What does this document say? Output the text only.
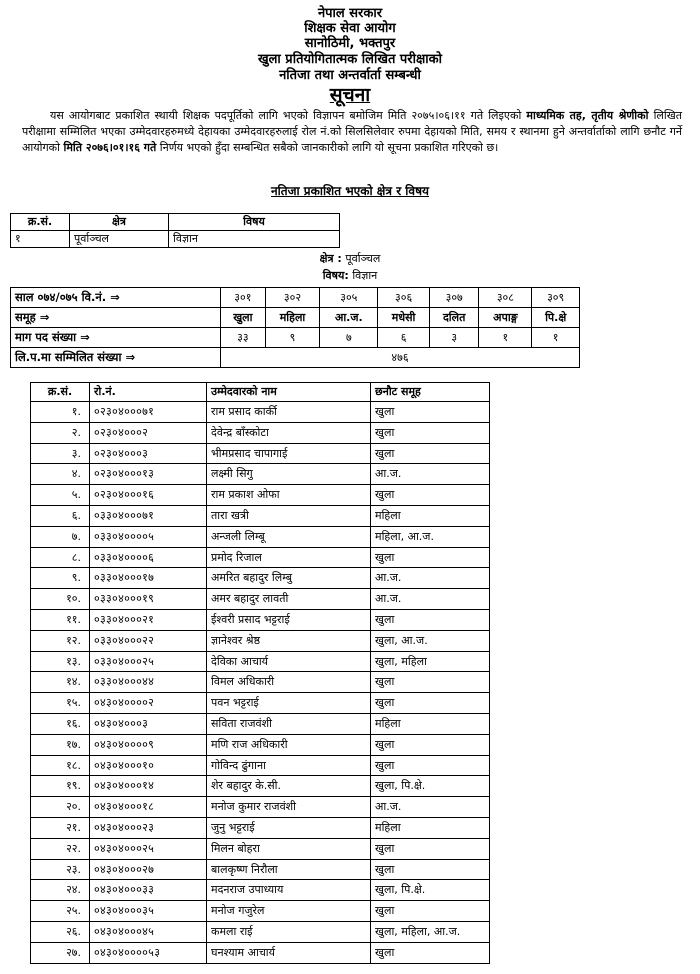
नेपाल सरकार
शिक्षक सेवा आयोग
सानोठिमी, भक्तपुर
खुला प्रतियोगितात्मक लिखित परीक्षाको
नतिजा तथा अन्तर्वार्ता सम्बन्धी
सूचना
यस आयोगबाट प्रकाशित स्थायी शिक्षक पदपूर्तिको लागि भएको विज्ञापन बमोजिम मिति २०७५।०६।११ गते लिइएको माध्यमिक तह, तृतीय श्रेणीको लिखित परीक्षामा सम्मिलित भएका उम्मेदवारहरुमध्ये देहायका उम्मेदवारहरुलाई रोल नं.को सिलसिलेवार रुपमा देहायको मिति, समय र स्थानमा हुने अन्तर्वार्ताको लागि छनौट गर्ने आयोगको मिति २०७६।०१।१६ गते निर्णय भएको हुँदा सम्बन्धित सबैको जानकारीको लागि यो सूचना प्रकाशित गरिएको छ।
नतिजा प्रकाशित भएको क्षेत्र र विषय
क्र.सं.	क्षेत्र	विषय
१	पूर्वाञ्चल	विज्ञान
क्षेत्र : पूर्वाञ्चल
विषय: विज्ञान
साल ०७४/०७५ वि.नं. ⇒	३०१	३०२	३०५	३०६	३०७	३०८	३०९
समूह ⇒	खुला	महिला	आ.ज.	मधेसी	दलित	अपाङ्ग	पि.क्षे
माग पद संख्या ⇒	३३	९	७	६	३	१	१
लि.प.मा सम्मिलित संख्या ⇒	४७६						
क्र.सं.	रो.नं.	उम्मेदवारको नाम	छनौट समूह
१.	०२३०४०००७१	राम प्रसाद कार्की	खुला
२.	०२३०४०००२	देवेन्द्र बाँस्कोटा	खुला
३.	०२३०४०००३	भीमप्रसाद चापागाई	खुला
४.	०२३०४०००१३	लक्ष्मी सिगु	आ.ज.
५.	०२३०४०००१६	राम प्रकाश ओफा	खुला
६.	०३३०४०००७१	तारा खत्री	महिला
७.	०३३०४००००५	अन्जली लिम्बू	महिला, आ.ज.
८.	०३३०४००००६	प्रमोद रिजाल	खुला
९.	०३३०४०००१७	अमरित बहादुर लिम्बु	आ.ज.
१०.	०३३०४०००१९	अमर बहादुर लावती	आ.ज.
११.	०३३०४०००२१	ईश्वरी प्रसाद भट्टराई	खुला
१२.	०३३०४०००२२	ज्ञानेश्वर श्रेष्ठ	खुला, आ.ज.
१३.	०३३०४०००२५	देविका आचार्य	खुला, महिला
१४.	०३३०४०००४४	विमल अधिकारी	खुला
१५.	०४३०४००००२	पवन भट्टराई	खुला
१६.	०४३०४०००३	सविता राजवंशी	महिला
१७.	०४३०४००००९	मणि राज अधिकारी	खुला
१८.	०४३०४०००१०	गोविन्द ढुंगाना	खुला
१९.	०४३०४०००१४	शेर बहादुर के.सी.	खुला, पि.क्षे.
२०.	०४३०४०००१८	मनोज कुमार राजवंशी	आ.ज.
२१.	०४३०४०००२३	जुनु भट्टराई	महिला
२२.	०४३०४०००२५	मिलन बोहरा	खुला
२३.	०४३०४०००२७	बालकृष्ण निरौला	खुला
२४.	०४३०४०००३३	मदनराज उपाध्याय	खुला, पि.क्षे.
२५.	०४३०४०००३५	मनोज गजुरेल	खुला
२६.	०४३०४०००४५	कमला राई	खुला, महिला, आ.ज.
२७.	०४३०४००००५३	घनश्याम आचार्य	खुला
